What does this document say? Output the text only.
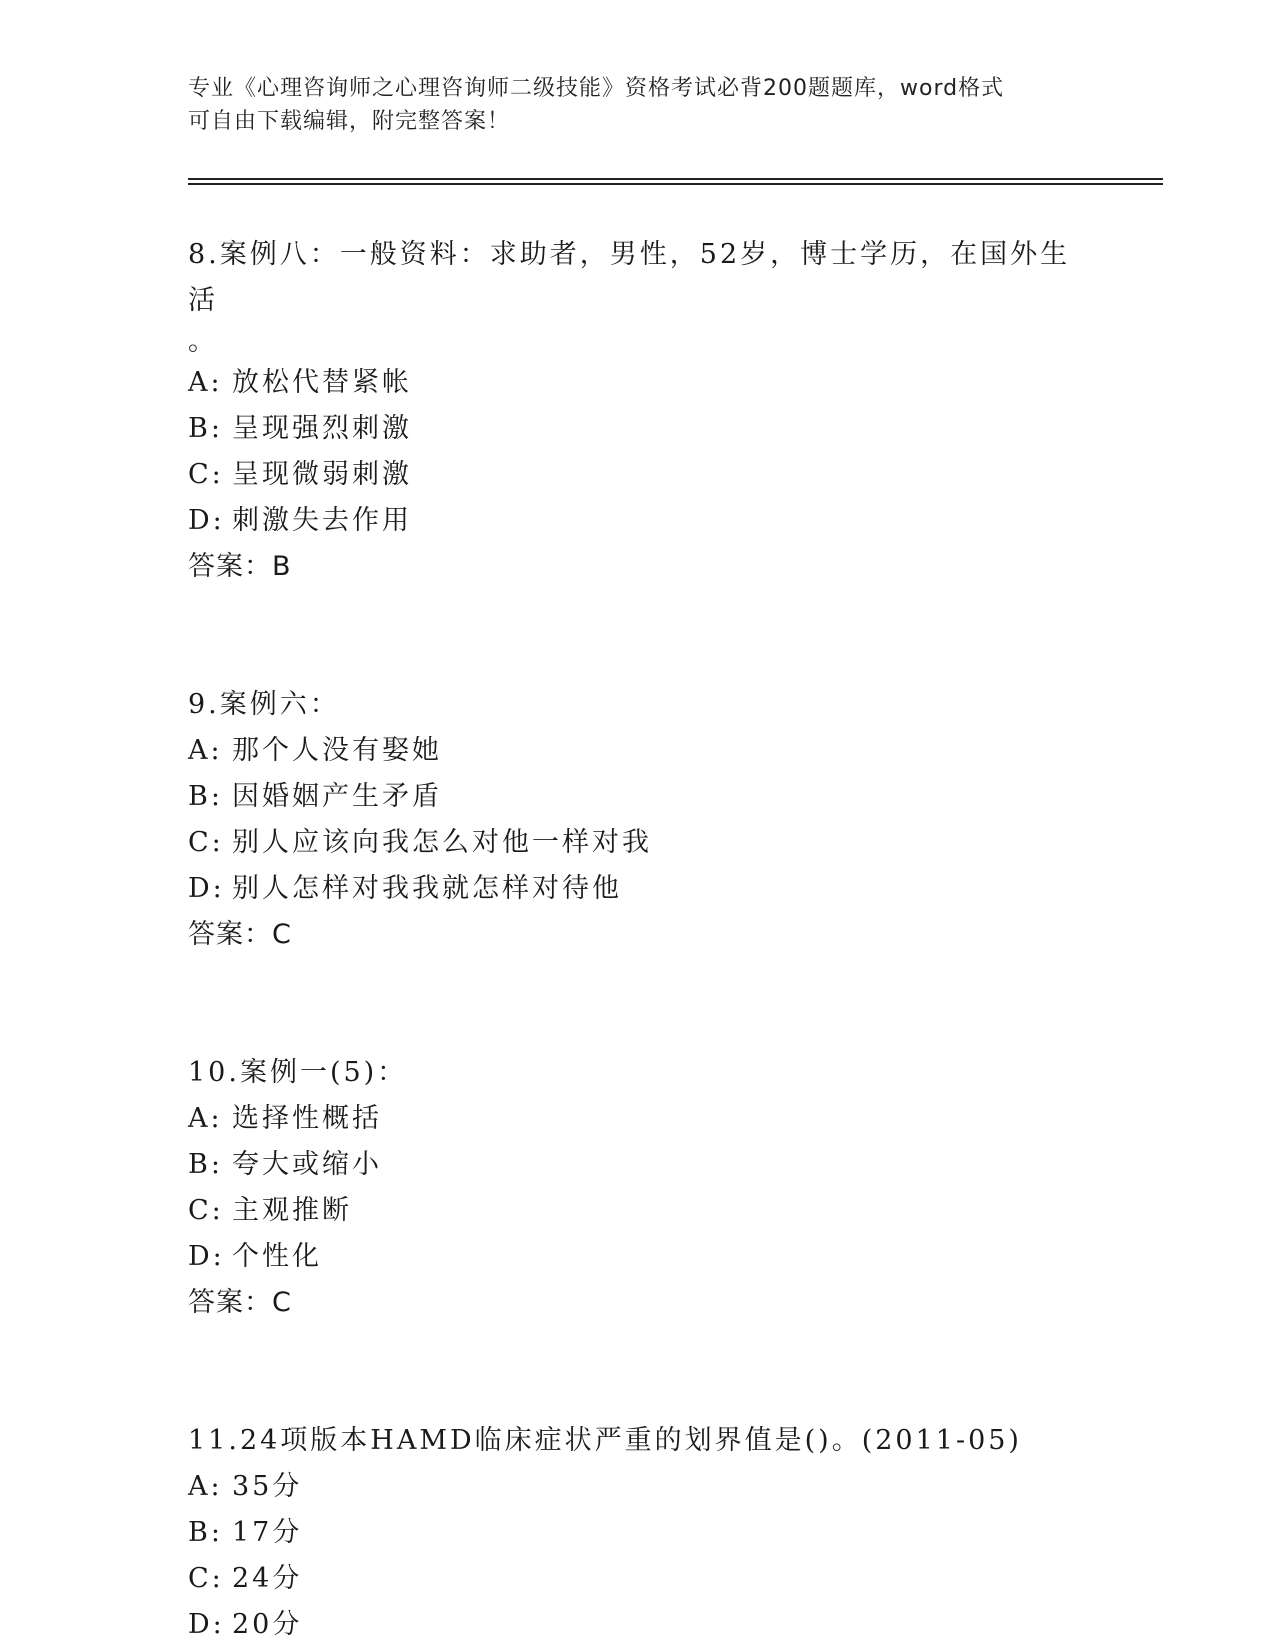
专业《心理咨询师之心理咨询师二级技能》资格考试必背200题题库，word格式
可自由下载编辑，附完整答案！
8.案例八：一般资料：求助者，男性，52岁，博士学历，在国外生活
。
A: 放松代替紧帐
B: 呈现强烈刺激
C: 呈现微弱刺激
D: 刺激失去作用
答案：B
9.案例六：
A: 那个人没有娶她
B: 因婚姻产生矛盾
C: 别人应该向我怎么对他一样对我
D: 别人怎样对我我就怎样对待他
答案：C
10.案例一(5)：
A: 选择性概括
B: 夸大或缩小
C: 主观推断
D: 个性化
答案：C
11.24项版本HAMD临床症状严重的划界值是()。(2011-05)
A: 35分
B: 17分
C: 24分
D: 20分
